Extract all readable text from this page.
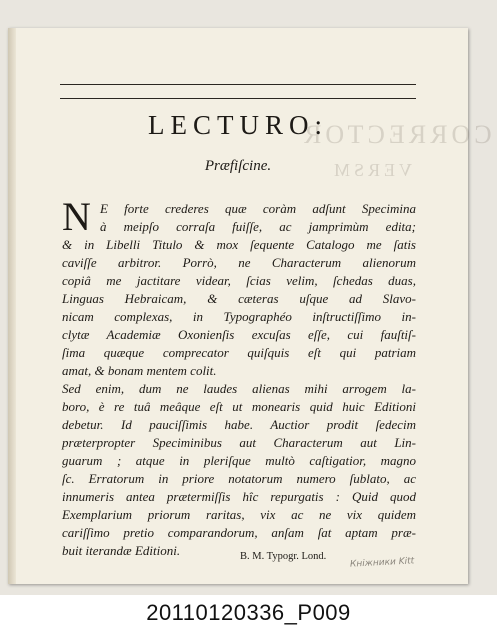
LECTURO:
Præfiſcine.
N E forte crederes quæ coràm adſunt Specimina
à meipſo corraſa fuiſſe, ac jamprimùm edita;
& in Libelli Titulo & mox ſequente Catalogo me ſatis
caviſſe arbitror. Porrò, ne Characterum alienorum
copiâ me jactitare videar, ſcias velim, ſchedas duas,
Linguas Hebraicam, & cæteras uſque ad Slavo-
nicam complexas, in Typographéo inſtructiſſimo in-
clytæ Academiæ Oxonienſis excuſas eſſe, cui fauſtiſ-
ſima quæque comprecator quiſquis eſt qui patriam
amat, & bonam mentem colit.
Sed enim, dum ne laudes alienas mihi arrogem la-
boro, è re tuâ meâque eſt ut monearis quid huic Editioni
debetur. Id pauciſſimis habe. Auctior prodit ſedecim
præterpropter Speciminibus aut Characterum aut Lin-
guarum ; atque in pleriſque multò caſtigatior, magno
ſc. Erratorum in priore notatorum numero ſublato, ac
innumeris antea prætermiſſis hîc repurgatis : Quid quod
Exemplarium priorum raritas, vix ac ne vix quidem
cariſſimo pretio comparandorum, anſam ſat aptam præ-
buit iterandæ Editioni.	B. M. Typogr. Lond.	Кніжники Kitt
20110120336_P009
